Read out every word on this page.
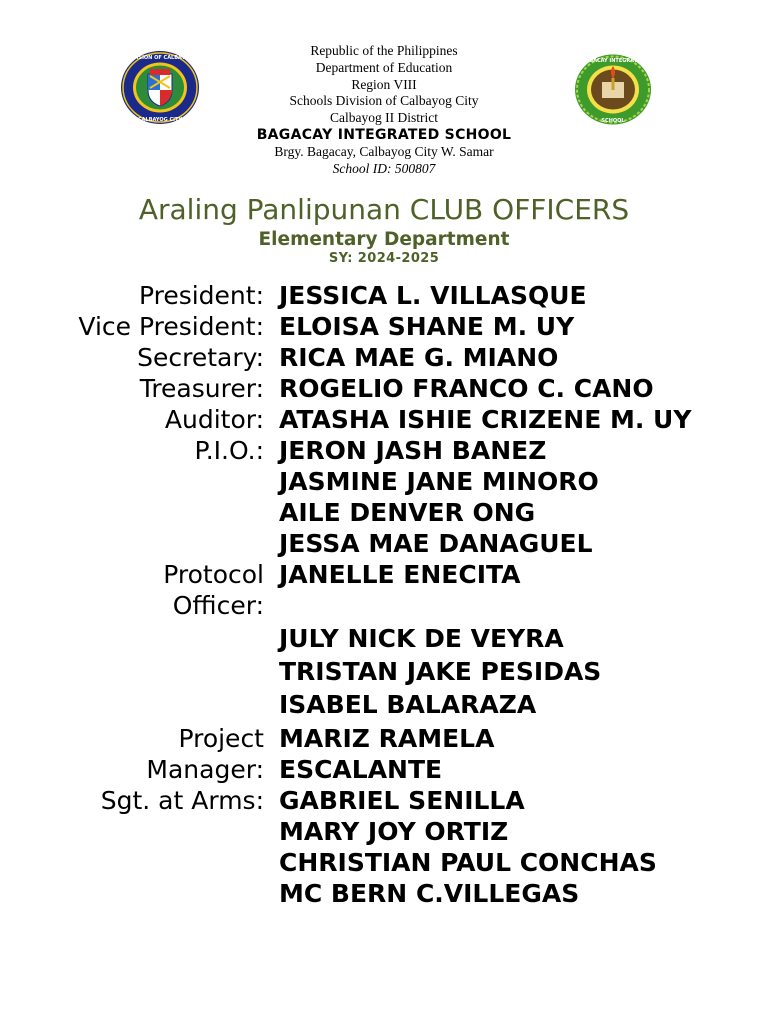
DIVISION OF CALBAYOG
CALBAYOG CITY
BAGACAY INTEGRATED
SCHOOL
Republic of the Philippines
Department of Education
Region VIII
Schools Division of Calbayog City
Calbayog II District
BAGACAY INTEGRATED SCHOOL
Brgy. Bagacay, Calbayog City W. Samar
School ID: 500807
Araling Panlipunan CLUB OFFICERS
Elementary Department
SY: 2024-2025
President: JESSICA L. VILLASQUE
Vice President: ELOISA SHANE M. UY
Secretary: RICA MAE G. MIANO
Treasurer: ROGELIO FRANCO C. CANO
Auditor: ATASHA ISHIE CRIZENE M. UY
P.I.O.: JERON JASH BANEZ
JASMINE JANE MINORO
AILE DENVER ONG
JESSA MAE DANAGUEL
Protocol Officer:
JANELLE ENECITA
JULY NICK DE VEYRA
TRISTAN JAKE PESIDAS
ISABEL BALARAZA
Project Manager:
MARIZ RAMELA ESCALANTE
Sgt. at Arms: GABRIEL SENILLA
MARY JOY ORTIZ
CHRISTIAN PAUL CONCHAS
MC BERN C.VILLEGAS
